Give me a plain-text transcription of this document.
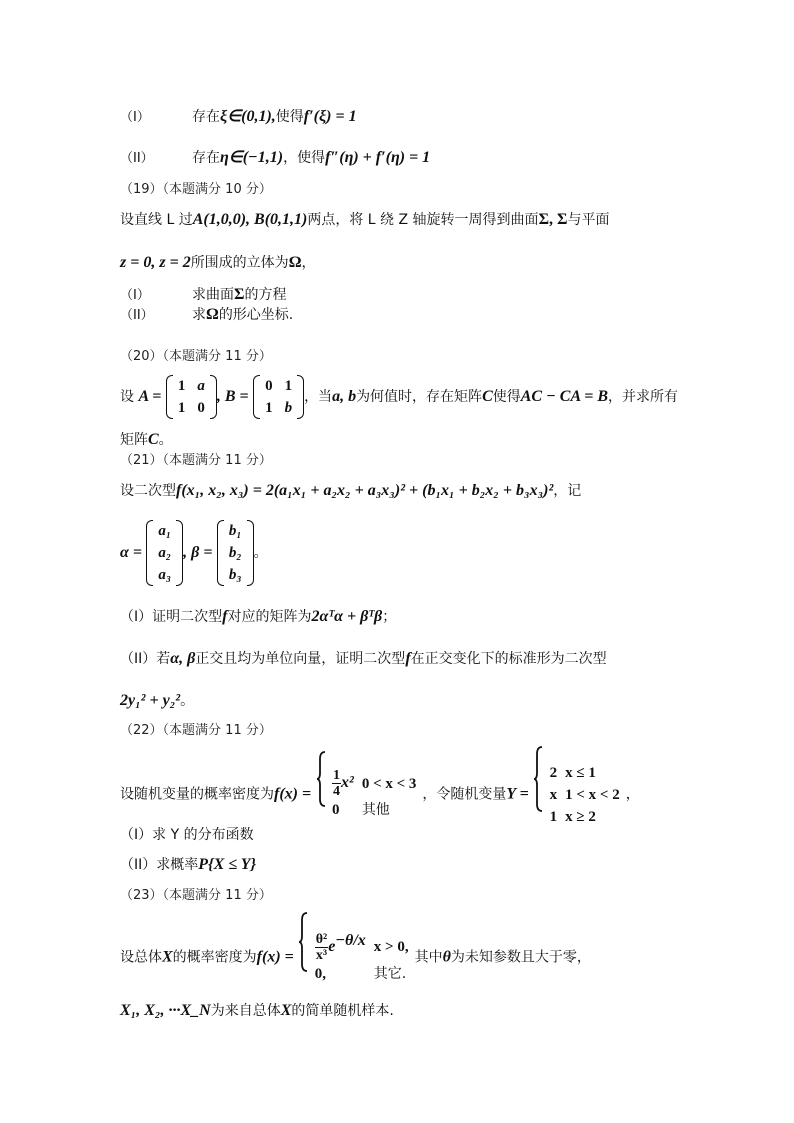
（I）	存在ξ∈(0,1),使得f′(ξ) = 1
（II）	存在η∈(−1,1)，使得f″(η) + f′(η) = 1
（19）（本题满分 10 分）
设直线 L 过A(1,0,0), B(0,1,1)两点，将 L 绕 Z 轴旋转一周得到曲面Σ, Σ与平面
z = 0, z = 2所围成的立体为Ω，
（I）	求曲面Σ的方程
（II）	求Ω的形心坐标.
（20）（本题满分 11 分）
设 A =
1	a
1	0
, B =
0	1
1	b
，当a, b为何值时，存在矩阵C使得AC − CA = B，并求所有
矩阵C。
（21）（本题满分 11 分）
设二次型f(x₁, x₂, x₃) = 2(a₁x₁ + a₂x₂ + a₃x₃)² + (b₁x₁ + b₂x₂ + b₃x₃)²，记
α =
a₁
a₂
a₃
, β =
b₁
b₂
b₃
。
（I）证明二次型f对应的矩阵为2αᵀα + βᵀβ；
（II）若α, β正交且均为单位向量，证明二次型f在正交变化下的标准形为二次型
2y₁² + y₂²。
（22）（本题满分 11 分）
设随机变量的概率密度为$f(x) = \frac{1}{4} x^2$	0 < x < 3
0	其他
，令随机变量Y =
2	x ≤ 1
x	1 < x < 2
1	x ≥ 2
，
（I）求 Y 的分布函数
（II）求概率P{X ≤ Y}
（23）（本题满分 11 分）
设总体X的概率密度为$f(x) = \frac{\text{θ²}}{\text{x³}} e^{-\theta/x}$	x > 0,
0,	其它.
其中θ为未知参数且大于零，
X₁, X₂, ···X_N为来自总体X的简单随机样本.
